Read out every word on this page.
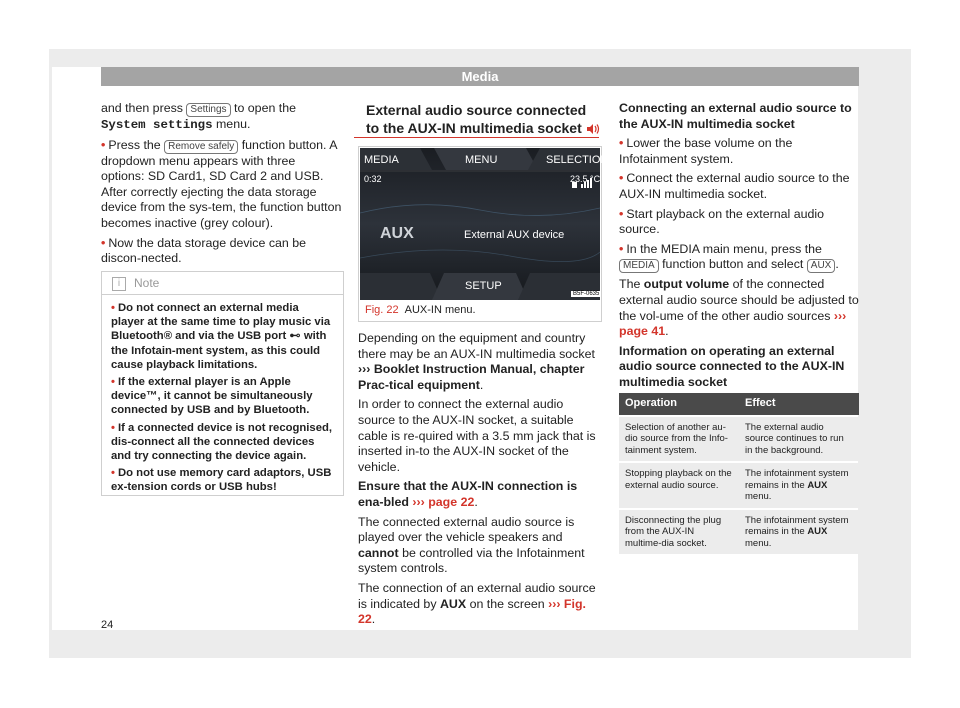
Media

and then press Settings to open the System settings menu.

• Press the Remove safely function button. A dropdown menu appears with three options: SD Card1, SD Card 2 and USB. After correctly ejecting the data storage device from the sys-tem, the function button becomes inactive (grey colour).

• Now the data storage device can be discon-nected.

i Note

• Do not connect an external media player at the same time to play music via Bluetooth® and via the USB port ⊷ with the Infotain-ment system, as this could cause playback limitations.

• If the external player is an Apple device™, it cannot be simultaneously connected by USB and by Bluetooth.

• If a connected device is not recognised, dis-connect all the connected devices and try connecting the device again.

• Do not use memory card adaptors, USB ex-tension cords or USB hubs!

External audio source connected to the AUX-IN multimedia socket
MEDIA	MENU	SELECTION
0:32	23.5 °C
AUX	External AUX device
SETUP
B5F-0635
Fig. 22 AUX-IN menu.

Depending on the equipment and country there may be an AUX-IN multimedia socket ››› Booklet Instruction Manual, chapter Prac-tical equipment.

In order to connect the external audio source to the AUX-IN socket, a suitable cable is re-quired with a 3.5 mm jack that is inserted in-to the AUX-IN socket of the vehicle.

Ensure that the AUX-IN connection is ena-bled ››› page 22.

The connected external audio source is played over the vehicle speakers and cannot be controlled via the Infotainment system controls.

The connection of an external audio source is indicated by AUX on the screen ››› Fig. 22.

Connecting an external audio source to the AUX-IN multimedia socket

• Lower the base volume on the Infotainment system.

• Connect the external audio source to the AUX-IN multimedia socket.

• Start playback on the external audio source.

• In the MEDIA main menu, press the MEDIA function button and select AUX .

The output volume of the connected external audio source should be adjusted to the vol-ume of the other audio sources ››› page 41.

Information on operating an external audio source connected to the AUX-IN multimedia socket

Operation	Effect
Selection of another au-dio source from the Info-tainment system.	The external audio source continues to run in the background.
Stopping playback on the external audio source.	The infotainment system remains in the AUX menu.
Disconnecting the plug from the AUX-IN multime-dia socket.	The infotainment system remains in the AUX menu.
24
